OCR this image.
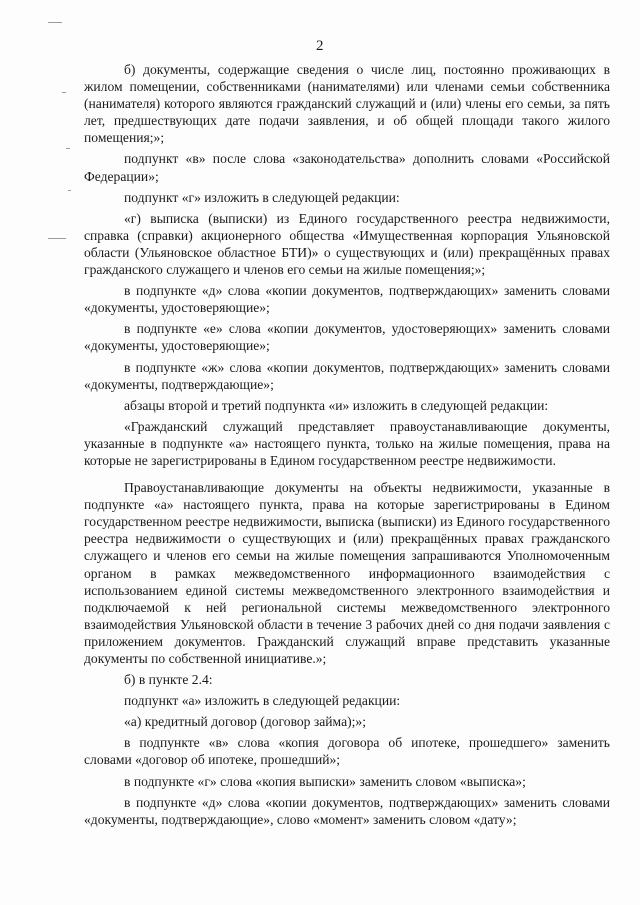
2

б) документы, содержащие сведения о числе лиц, постоянно проживающих в жилом помещении, собственниками (нанимателями) или членами семьи собственника (нанимателя) которого являются гражданский служащий и (или) члены его семьи, за пять лет, предшествующих дате подачи заявления, и об общей площади такого жилого помещения;»;

подпункт «в» после слова «законодательства» дополнить словами «Российской Федерации»;

подпункт «г» изложить в следующей редакции:

«г) выписка (выписки) из Единого государственного реестра недвижимости, справка (справки) акционерного общества «Имущественная корпорация Ульяновской области (Ульяновское областное БТИ)» о существующих и (или) прекращённых правах гражданского служащего и членов его семьи на жилые помещения;»;

в подпункте «д» слова «копии документов, подтверждающих» заменить словами «документы, удостоверяющие»;

в подпункте «е» слова «копии документов, удостоверяющих» заменить словами «документы, удостоверяющие»;

в подпункте «ж» слова «копии документов, подтверждающих» заменить словами «документы, подтверждающие»;

абзацы второй и третий подпункта «и» изложить в следующей редакции:

«Гражданский служащий представляет правоустанавливающие документы, указанные в подпункте «а» настоящего пункта, только на жилые помещения, права на которые не зарегистрированы в Едином государственном реестре недвижимости.

Правоустанавливающие документы на объекты недвижимости, указанные в подпункте «а» настоящего пункта, права на которые зарегистрированы в Едином государственном реестре недвижимости, выписка (выписки) из Единого государственного реестра недвижимости о существующих и (или) прекращённых правах гражданского служащего и членов его семьи на жилые помещения запрашиваются Уполномоченным органом в рамках межведомственного информационного взаимодействия с использованием единой системы межведомственного электронного взаимодействия и подключаемой к ней региональной системы межведомственного электронного взаимодействия Ульяновской области в течение 3 рабочих дней со дня подачи заявления с приложением документов. Гражданский служащий вправе представить указанные документы по собственной инициативе.»;

б) в пункте 2.4:

подпункт «а» изложить в следующей редакции:

«а) кредитный договор (договор займа);»;

в подпункте «в» слова «копия договора об ипотеке, прошедшего» заменить словами «договор об ипотеке, прошедший»;

в подпункте «г» слова «копия выписки» заменить словом «выписка»;

в подпункте «д» слова «копии документов, подтверждающих» заменить словами «документы, подтверждающие», слово «момент» заменить словом «дату»;
